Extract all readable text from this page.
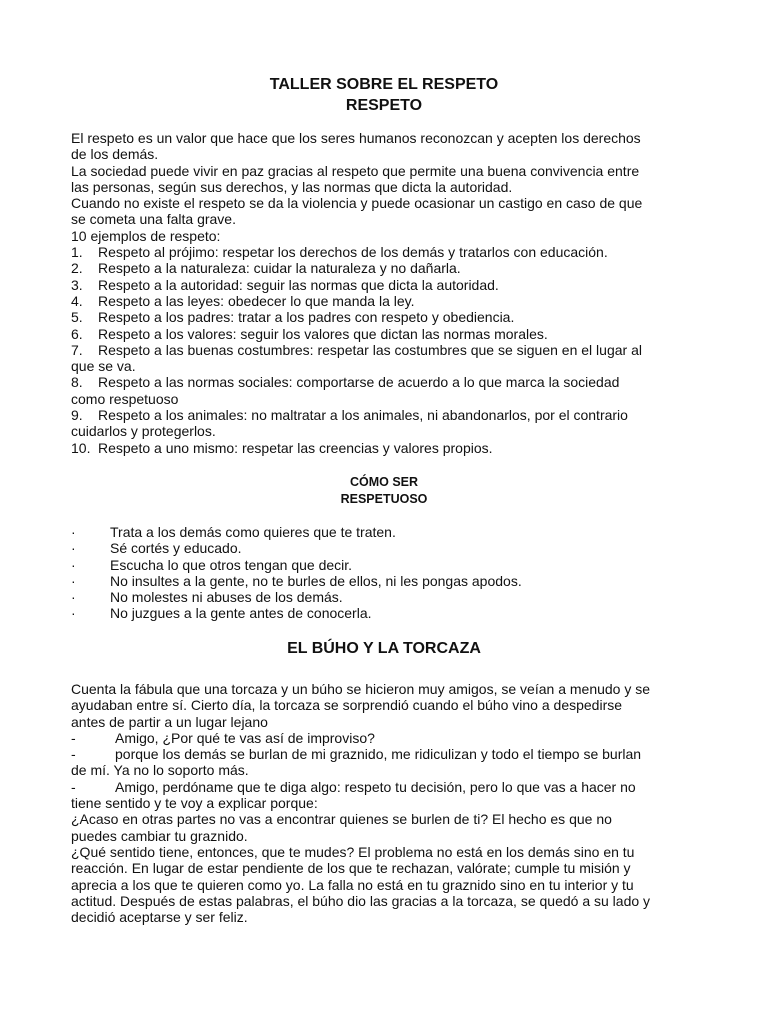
TALLER SOBRE EL RESPETO
RESPETO
El respeto es un valor que hace que los seres humanos reconozcan y acepten los derechos
de los demás.
La sociedad puede vivir en paz gracias al respeto que permite una buena convivencia entre
las personas, según sus derechos, y las normas que dicta la autoridad.
Cuando no existe el respeto se da la violencia y puede ocasionar un castigo en caso de que
se cometa una falta grave.
10 ejemplos de respeto:
1. Respeto al prójimo: respetar los derechos de los demás y tratarlos con educación.
2. Respeto a la naturaleza: cuidar la naturaleza y no dañarla.
3. Respeto a la autoridad: seguir las normas que dicta la autoridad.
4. Respeto a las leyes: obedecer lo que manda la ley.
5. Respeto a los padres: tratar a los padres con respeto y obediencia.
6. Respeto a los valores: seguir los valores que dictan las normas morales.
7. Respeto a las buenas costumbres: respetar las costumbres que se siguen en el lugar al
que se va.
8. Respeto a las normas sociales: comportarse de acuerdo a lo que marca la sociedad
como respetuoso
9. Respeto a los animales: no maltratar a los animales, ni abandonarlos, por el contrario
cuidarlos y protegerlos.
10. Respeto a uno mismo: respetar las creencias y valores propios.
CÓMO SER
RESPETUOSO
· Trata a los demás como quieres que te traten.
· Sé cortés y educado.
· Escucha lo que otros tengan que decir.
· No insultes a la gente, no te burles de ellos, ni les pongas apodos.
· No molestes ni abuses de los demás.
· No juzgues a la gente antes de conocerla.
EL BÚHO Y LA TORCAZA
Cuenta la fábula que una torcaza y un búho se hicieron muy amigos, se veían a menudo y se
ayudaban entre sí. Cierto día, la torcaza se sorprendió cuando el búho vino a despedirse
antes de partir a un lugar lejano
-	Amigo, ¿Por qué te vas así de improviso?
-	porque los demás se burlan de mi graznido, me ridiculizan y todo el tiempo se burlan
de mí. Ya no lo soporto más.
-	Amigo, perdóname que te diga algo: respeto tu decisión, pero lo que vas a hacer no
tiene sentido y te voy a explicar porque:
¿Acaso en otras partes no vas a encontrar quienes se burlen de ti? El hecho es que no
puedes cambiar tu graznido.
¿Qué sentido tiene, entonces, que te mudes? El problema no está en los demás sino en tu
reacción. En lugar de estar pendiente de los que te rechazan, valórate; cumple tu misión y
aprecia a los que te quieren como yo. La falla no está en tu graznido sino en tu interior y tu
actitud. Después de estas palabras, el búho dio las gracias a la torcaza, se quedó a su lado y
decidió aceptarse y ser feliz.
